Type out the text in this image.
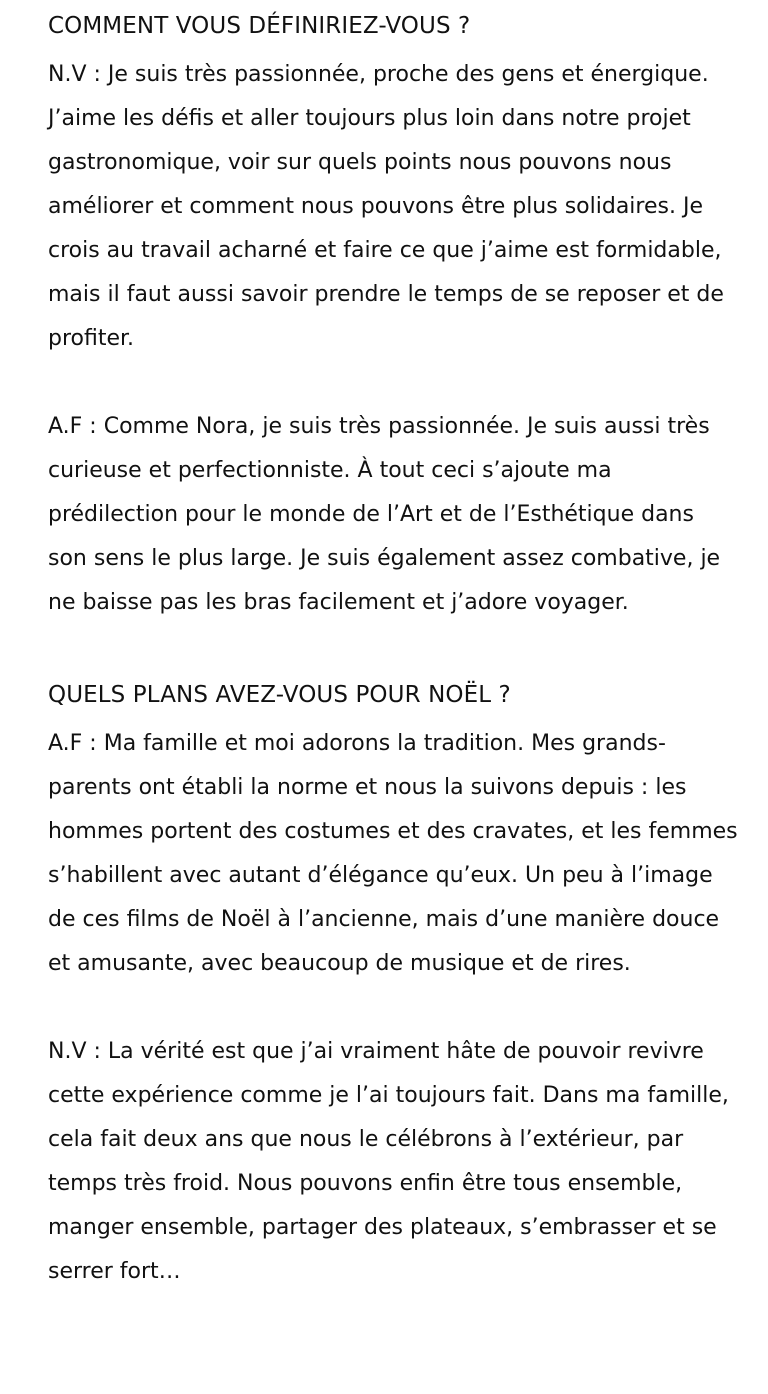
COMMENT VOUS DÉFINIRIEZ-VOUS ?

N.V : Je suis très passionnée, proche des gens et énergique. J’aime les défis et aller toujours plus loin dans notre projet gastronomique, voir sur quels points nous pouvons nous améliorer et comment nous pouvons être plus solidaires. Je crois au travail acharné et faire ce que j’aime est formidable, mais il faut aussi savoir prendre le temps de se reposer et de profiter.

A.F : Comme Nora, je suis très passionnée. Je suis aussi très curieuse et perfectionniste. À tout ceci s’ajoute ma prédilection pour le monde de l’Art et de l’Esthétique dans son sens le plus large. Je suis également assez combative, je ne baisse pas les bras facilement et j’adore voyager.

QUELS PLANS AVEZ-VOUS POUR NOËL ?

A.F : Ma famille et moi adorons la tradition. Mes grands-parents ont établi la norme et nous la suivons depuis : les hommes portent des costumes et des cravates, et les femmes s’habillent avec autant d’élégance qu’eux. Un peu à l’image de ces films de Noël à l’ancienne, mais d’une manière douce et amusante, avec beaucoup de musique et de rires.

N.V : La vérité est que j’ai vraiment hâte de pouvoir revivre cette expérience comme je l’ai toujours fait. Dans ma famille, cela fait deux ans que nous le célébrons à l’extérieur, par temps très froid. Nous pouvons enfin être tous ensemble, manger ensemble, partager des plateaux, s’embrasser et se serrer fort…
